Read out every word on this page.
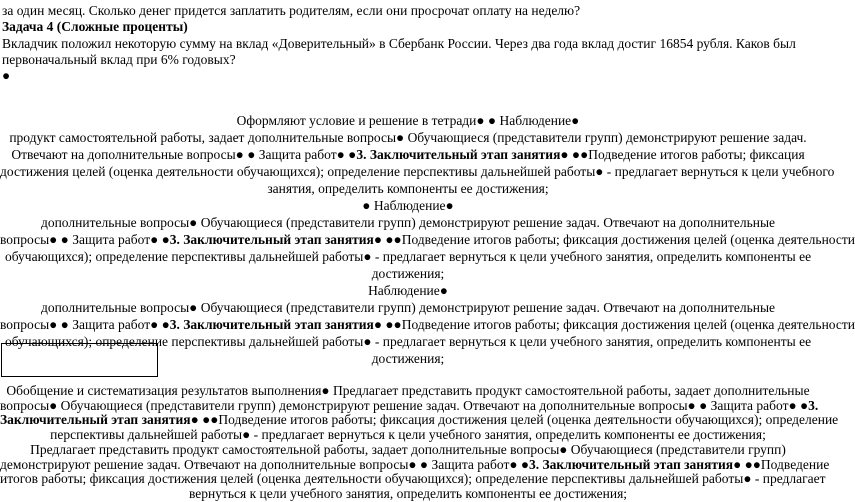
за один месяц. Сколько денег придется заплатить родителям, если они просрочат оплату на неделю?
Задача 4 (Сложные проценты)
Вкладчик положил некоторую сумму на вклад «Доверительный» в Сбербанк России. Через два года вклад достиг 16854 рубля. Каков был
первоначальный вклад при 6% годовых?
●
Оформляют условие и решение в тетради● ● Наблюдение●
продукт самостоятельной работы, задает дополнительные вопросы● Обучающиеся (представители групп) демонстрируют решение задач.
Отвечают на дополнительные вопросы● ● Защита работ● ●3. Заключительный этап занятия● ●●Подведение итогов работы; фиксация
достижения целей (оценка деятельности обучающихся); определение перспективы дальнейшей работы● - предлагает вернуться к цели учебного
занятия, определить компоненты ее достижения;
● Наблюдение●
дополнительные вопросы● Обучающиеся (представители групп) демонстрируют решение задач. Отвечают на дополнительные
вопросы● ● Защита работ● ●3. Заключительный этап занятия● ●●Подведение итогов работы; фиксация достижения целей (оценка деятельности
обучающихся); определение перспективы дальнейшей работы● - предлагает вернуться к цели учебного занятия, определить компоненты ее
достижения;
Наблюдение●
дополнительные вопросы● Обучающиеся (представители групп) демонстрируют решение задач. Отвечают на дополнительные
вопросы● ● Защита работ● ●3. Заключительный этап занятия● ●●Подведение итогов работы; фиксация достижения целей (оценка деятельности
обучающихся); определение перспективы дальнейшей работы● - предлагает вернуться к цели учебного занятия, определить компоненты ее
достижения;
Обобщение и систематизация результатов выполнения● Предлагает представить продукт самостоятельной работы, задает дополнительные
вопросы● Обучающиеся (представители групп) демонстрируют решение задач. Отвечают на дополнительные вопросы● ● Защита работ● ●3.
Заключительный этап занятия● ●●Подведение итогов работы; фиксация достижения целей (оценка деятельности обучающихся); определение
перспективы дальнейшей работы● - предлагает вернуться к цели учебного занятия, определить компоненты ее достижения;
Предлагает представить продукт самостоятельной работы, задает дополнительные вопросы● Обучающиеся (представители групп)
демонстрируют решение задач. Отвечают на дополнительные вопросы● ● Защита работ● ●3. Заключительный этап занятия● ●●Подведение
итогов работы; фиксация достижения целей (оценка деятельности обучающихся); определение перспективы дальнейшей работы● - предлагает
вернуться к цели учебного занятия, определить компоненты ее достижения;
